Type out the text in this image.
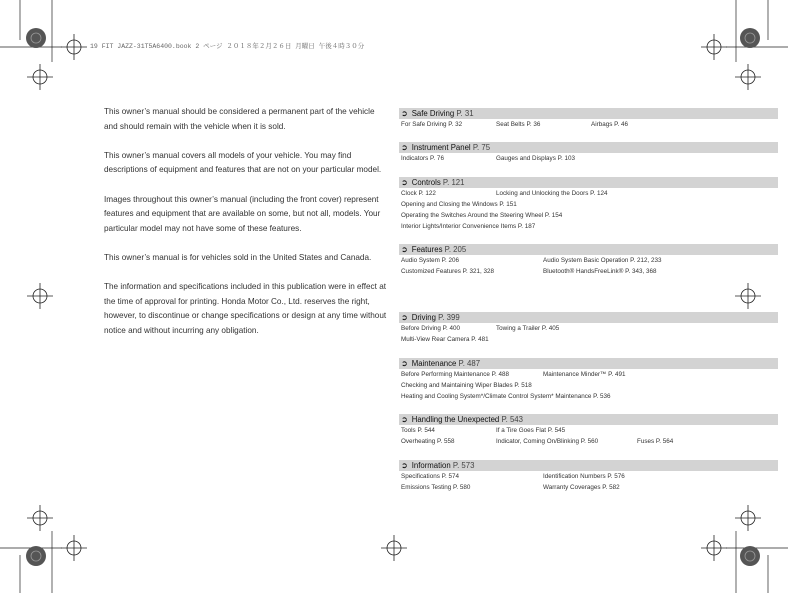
19 FIT JAZZ-31T5A6400.book 2 ページ ２０１８年２月２６日 月曜日 午後４時３０分

This owner’s manual should be considered a permanent part of the vehicle and should remain with the vehicle when it is sold.

This owner’s manual covers all models of your vehicle. You may find descriptions of equipment and features that are not on your particular model.

Images throughout this owner’s manual (including the front cover) represent features and equipment that are available on some, but not all, models. Your particular model may not have some of these features.

This owner’s manual is for vehicles sold in the United States and Canada.

The information and specifications included in this publication were in effect at the time of approval for printing. Honda Motor Co., Ltd. reserves the right, however, to discontinue or change specifications or design at any time without notice and without incurring any obligation.

➲ Safe Driving P. 31
For Safe Driving P. 32	Seat Belts P. 36	Airbags P. 46
➲ Instrument Panel P. 75
Indicators P. 76	Gauges and Displays P. 103
➲ Controls P. 121
Clock P. 122	Locking and Unlocking the Doors P. 124
Opening and Closing the Windows P. 151
Operating the Switches Around the Steering Wheel P. 154
Interior Lights/Interior Convenience Items P. 187
➲ Features P. 205
Audio System P. 206	Audio System Basic Operation P. 212, 233
Customized Features P. 321, 328	Bluetooth® HandsFreeLink® P. 343, 368
➲ Driving P. 399
Before Driving P. 400	Towing a Trailer P. 405
Multi-View Rear Camera P. 481
➲ Maintenance P. 487
Before Performing Maintenance P. 488	Maintenance Minder™ P. 491
Checking and Maintaining Wiper Blades P. 518
Heating and Cooling System*/Climate Control System* Maintenance P. 536
➲ Handling the Unexpected P. 543
Tools P. 544	If a Tire Goes Flat P. 545
Overheating P. 558	Indicator, Coming On/Blinking P. 560	Fuses P. 564
➲ Information P. 573
Specifications P. 574	Identification Numbers P. 576
Emissions Testing P. 580	Warranty Coverages P. 582
